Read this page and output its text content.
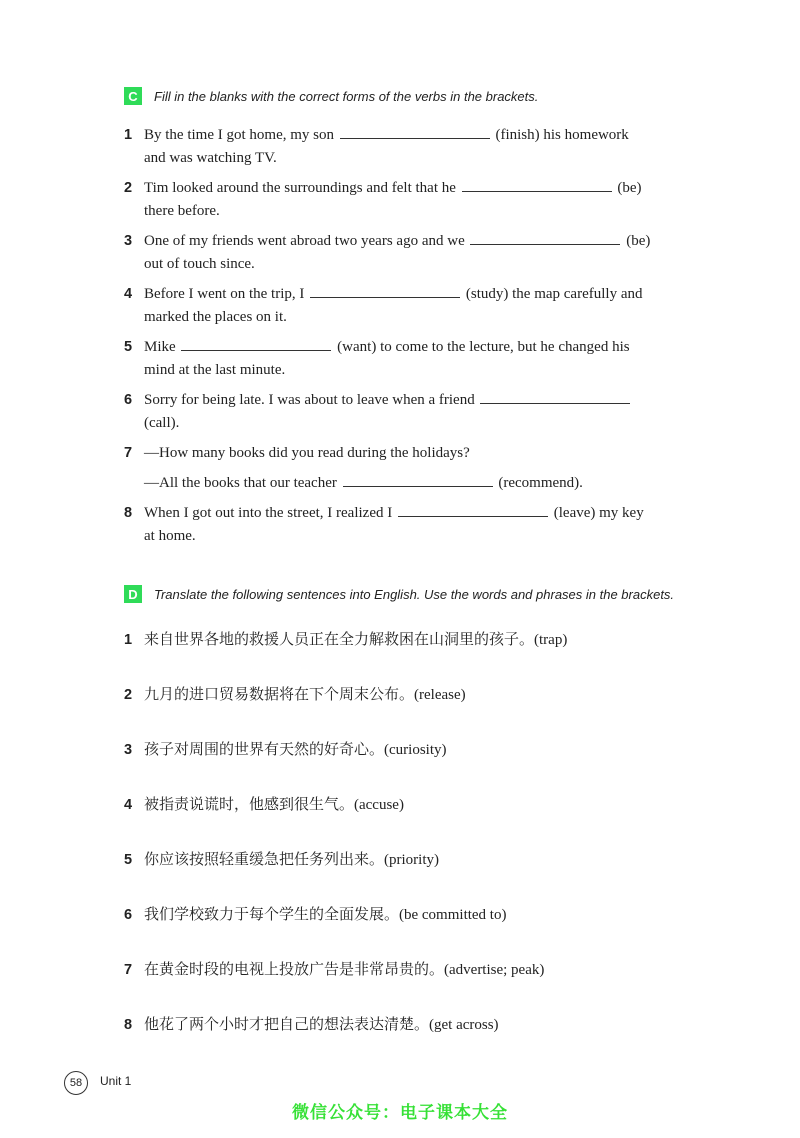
C	Fill in the blanks with the correct forms of the verbs in the brackets.
1 By the time I got home, my son	(finish) his homework
and was watching TV.
2 Tim looked around the surroundings and felt that he	(be)
there before.
3 One of my friends went abroad two years ago and we	(be)
out of touch since.
4 Before I went on the trip, I	(study) the map carefully and
marked the places on it.
5 Mike	(want) to come to the lecture, but he changed his
mind at the last minute.
6 Sorry for being late. I was about to leave when a friend
(call).
7 —How many books did you read during the holidays?
—All the books that our teacher	(recommend).
8 When I got out into the street, I realized I	(leave) my key
at home.
D	Translate the following sentences into English. Use the words and phrases in the brackets.
1 来自世界各地的救援人员正在全力解救困在山洞里的孩子。(trap)
2 九月的进口贸易数据将在下个周末公布。(release)
3 孩子对周围的世界有天然的好奇心。(curiosity)
4 被指责说谎时，他感到很生气。(accuse)
5 你应该按照轻重缓急把任务列出来。(priority)
6 我们学校致力于每个学生的全面发展。(be committed to)
7 在黄金时段的电视上投放广告是非常昂贵的。(advertise; peak)
8 他花了两个小时才把自己的想法表达清楚。(get across)
58	Unit 1
微信公众号：电子课本大全
